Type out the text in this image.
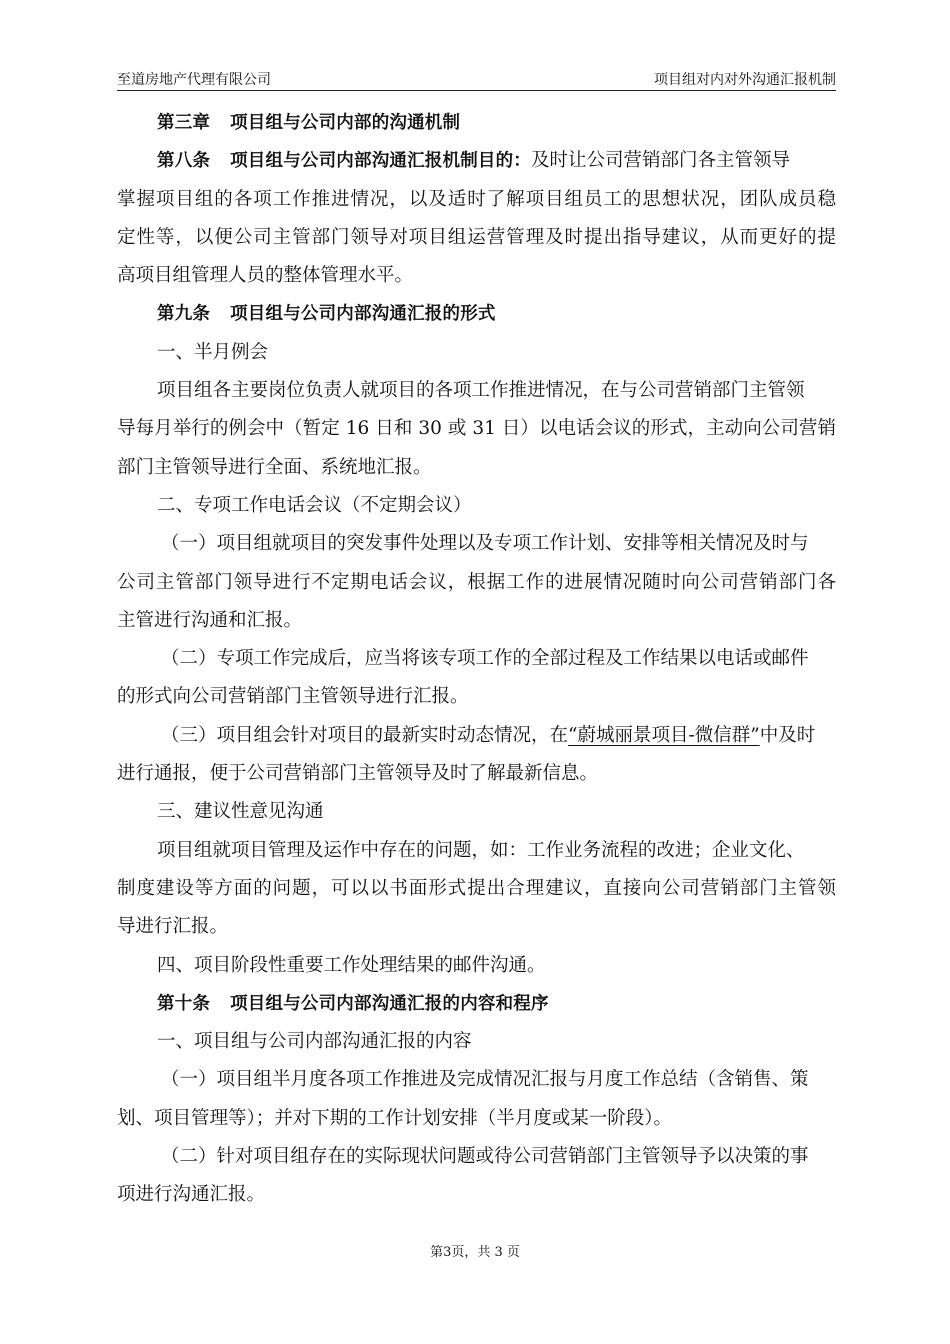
至道房地产代理有限公司	项目组对内对外沟通汇报机制
第三章 项目组与公司内部的沟通机制
第八条 项目组与公司内部沟通汇报机制目的：及时让公司营销部门各主管领导
掌握项目组的各项工作推进情况，以及适时了解项目组员工的思想状况，团队成员稳
定性等，以便公司主管部门领导对项目组运营管理及时提出指导建议，从而更好的提
高项目组管理人员的整体管理水平。
第九条 项目组与公司内部沟通汇报的形式
一、半月例会
项目组各主要岗位负责人就项目的各项工作推进情况，在与公司营销部门主管领
导每月举行的例会中（暂定 16 日和 30 或 31 日）以电话会议的形式，主动向公司营销
部门主管领导进行全面、系统地汇报。
二、专项工作电话会议（不定期会议）
（一）项目组就项目的突发事件处理以及专项工作计划、安排等相关情况及时与
公司主管部门领导进行不定期电话会议，根据工作的进展情况随时向公司营销部门各
主管进行沟通和汇报。
（二）专项工作完成后，应当将该专项工作的全部过程及工作结果以电话或邮件
的形式向公司营销部门主管领导进行汇报。
（三）项目组会针对项目的最新实时动态情况，在“蔚城丽景项目-微信群”中及时
进行通报，便于公司营销部门主管领导及时了解最新信息。
三、建议性意见沟通
项目组就项目管理及运作中存在的问题，如：工作业务流程的改进；企业文化、
制度建设等方面的问题，可以以书面形式提出合理建议，直接向公司营销部门主管领
导进行汇报。
四、项目阶段性重要工作处理结果的邮件沟通。
第十条 项目组与公司内部沟通汇报的内容和程序
一、项目组与公司内部沟通汇报的内容
（一）项目组半月度各项工作推进及完成情况汇报与月度工作总结（含销售、策
划、项目管理等）；并对下期的工作计划安排（半月度或某一阶段）。
（二）针对项目组存在的实际现状问题或待公司营销部门主管领导予以决策的事
项进行沟通汇报。
第3页，共 3 页
